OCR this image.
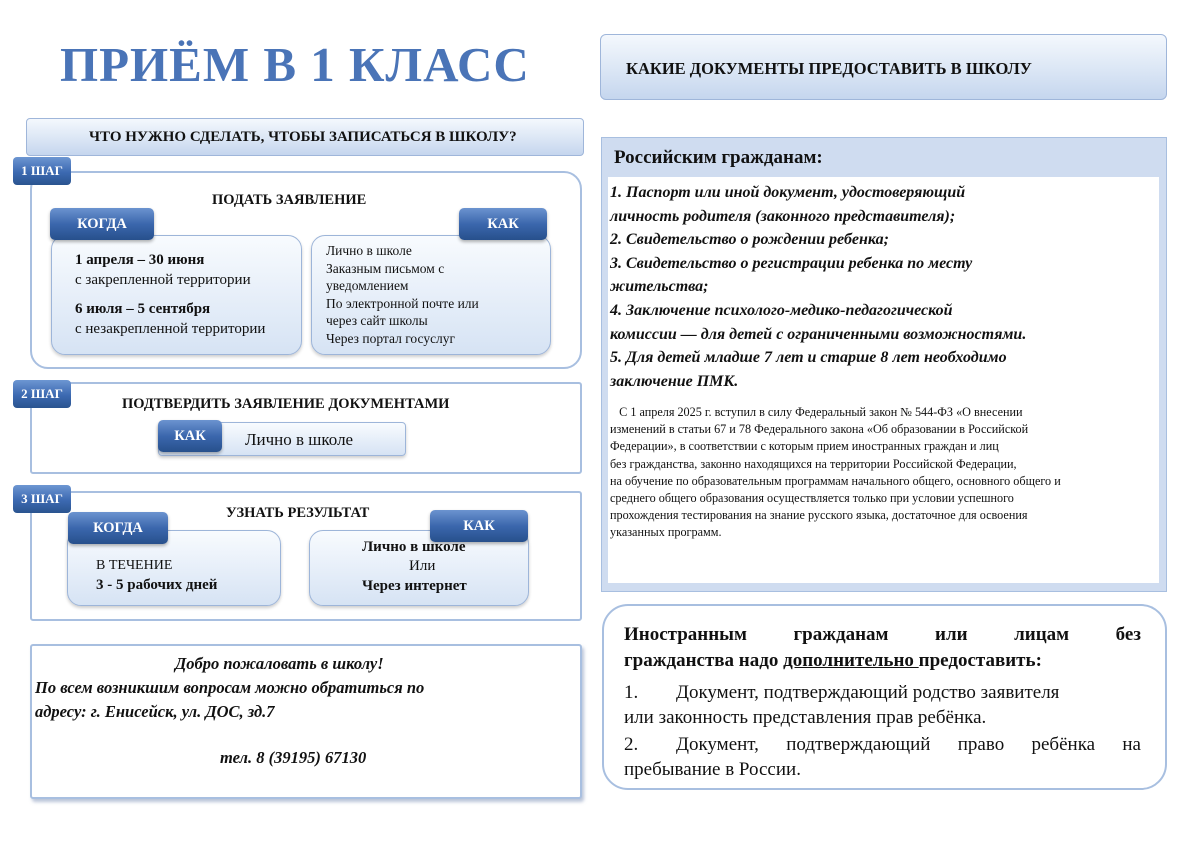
ПРИЁМ В 1 КЛАСС	КАКИЕ ДОКУМЕНТЫ ПРЕДОСТАВИТЬ В ШКОЛУ
ЧТО НУЖНО СДЕЛАТЬ, ЧТОБЫ ЗАПИСАТЬСЯ В ШКОЛУ?
1 ШАГ
ПОДАТЬ ЗАЯВЛЕНИЕ
КОГДА
1 апреля – 30 июня
с закрепленной территории
6 июля – 5 сентября
с незакрепленной территории
КАК
Лично в школе
Заказным письмом с
уведомлением
По электронной почте или
через сайт школы
Через портал госуслуг
2 ШАГ
ПОДТВЕРДИТЬ ЗАЯВЛЕНИЕ ДОКУМЕНТАМИ
КАК	Лично в школе
3 ШАГ
УЗНАТЬ РЕЗУЛЬТАТ
КОГДА
В ТЕЧЕНИЕ
3 - 5 рабочих дней
КАК
Лично в школе
Или
Через интернет
Добро пожаловать в школу!
По всем возникшим вопросам можно обратиться по
адресу: г. Енисейск, ул. ДОС, зд.7
тел. 8 (39195) 67130
Российским гражданам:
1. Паспорт или иной документ, удостоверяющий
личность родителя (законного представителя);
2. Свидетельство о рождении ребенка;
3. Свидетельство о регистрации ребенка по месту
жительства;
4. Заключение психолого-медико-педагогической
комиссии — для детей с ограниченными возможностями.
5. Для детей младше 7 лет и старше 8 лет необходимо
заключение ПМК.
С 1 апреля 2025 г. вступил в силу Федеральный закон № 544-ФЗ «О внесении
изменений в статьи 67 и 78 Федерального закона «Об образовании в Российской
Федерации», в соответствии с которым прием иностранных граждан и лиц
без гражданства, законно находящихся на территории Российской Федерации,
на обучение по образовательным программам начального общего, основного общего и
среднего общего образования осуществляется только при условии успешного
прохождения тестирования на знание русского языка, достаточное для освоения
указанных программ.
Иностранным гражданам или лицам без
гражданства надо дополнительно предоставить:
1. Документ, подтверждающий родство заявителя
или законность представления прав ребёнка.
2. Документ, подтверждающий право ребёнка на
пребывание в России.
